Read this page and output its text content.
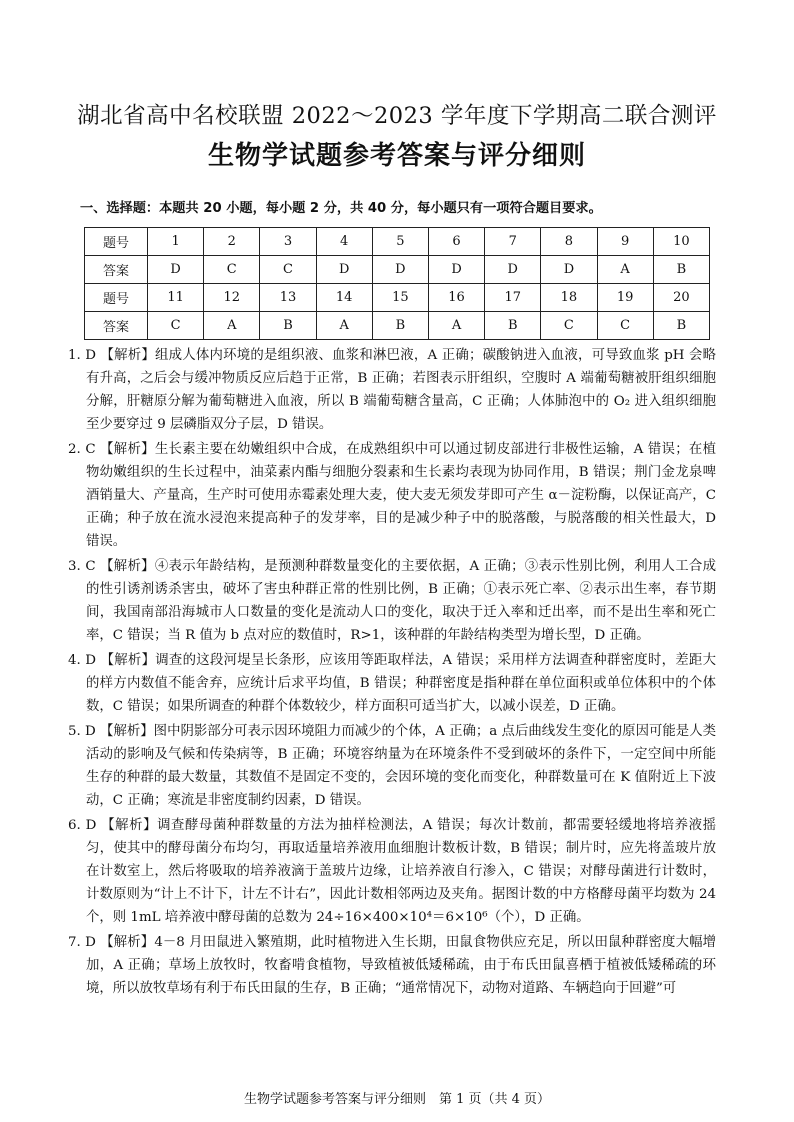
湖北省高中名校联盟 2022～2023 学年度下学期高二联合测评
生物学试题参考答案与评分细则
一、选择题：本题共 20 小题，每小题 2 分，共 40 分，每小题只有一项符合题目要求。
题号	1	2	3	4	5	6	7	8	9	10
答案	D	C	C	D	D	D	D	D	A	B
题号	11	12	13	14	15	16	17	18	19	20
答案	C	A	B	A	B	A	B	C	C	B

1. D 【解析】组成人体内环境的是组织液、血浆和淋巴液，A 正确；碳酸钠进入血液，可导致血浆 pH 会略有升高，之后会与缓冲物质反应后趋于正常，B 正确；若图表示肝组织，空腹时 A 端葡萄糖被肝组织细胞分解，肝糖原分解为葡萄糖进入血液，所以 B 端葡萄糖含量高，C 正确；人体肺泡中的 O₂ 进入组织细胞至少要穿过 9 层磷脂双分子层，D 错误。

2. C 【解析】生长素主要在幼嫩组织中合成，在成熟组织中可以通过韧皮部进行非极性运输，A 错误；在植物幼嫩组织的生长过程中，油菜素内酯与细胞分裂素和生长素均表现为协同作用，B 错误；荆门金龙泉啤酒销量大、产量高，生产时可使用赤霉素处理大麦，使大麦无须发芽即可产生 α－淀粉酶，以保证高产，C 正确；种子放在流水浸泡来提高种子的发芽率，目的是减少种子中的脱落酸，与脱落酸的相关性最大，D 错误。

3. C 【解析】④表示年龄结构，是预测种群数量变化的主要依据，A 正确；③表示性别比例，利用人工合成的性引诱剂诱杀害虫，破坏了害虫种群正常的性别比例，B 正确；①表示死亡率、②表示出生率，春节期间，我国南部沿海城市人口数量的变化是流动人口的变化，取决于迁入率和迁出率，而不是出生率和死亡率，C 错误；当 R 值为 b 点对应的数值时，R>1，该种群的年龄结构类型为增长型，D 正确。

4. D 【解析】调查的这段河堤呈长条形，应该用等距取样法，A 错误；采用样方法调查种群密度时，差距大的样方内数值不能舍弃，应统计后求平均值，B 错误；种群密度是指种群在单位面积或单位体积中的个体数，C 错误；如果所调查的种群个体数较少，样方面积可适当扩大，以减小误差，D 正确。

5. D 【解析】图中阴影部分可表示因环境阻力而减少的个体，A 正确；a 点后曲线发生变化的原因可能是人类活动的影响及气候和传染病等，B 正确；环境容纳量为在环境条件不受到破坏的条件下，一定空间中所能生存的种群的最大数量，其数值不是固定不变的，会因环境的变化而变化，种群数量可在 K 值附近上下波动，C 正确；寒流是非密度制约因素，D 错误。

6. D 【解析】调查酵母菌种群数量的方法为抽样检测法，A 错误；每次计数前，都需要轻缓地将培养液摇匀，使其中的酵母菌分布均匀，再取适量培养液用血细胞计数板计数，B 错误；制片时，应先将盖玻片放在计数室上，然后将吸取的培养液滴于盖玻片边缘，让培养液自行渗入，C 错误；对酵母菌进行计数时，计数原则为“计上不计下，计左不计右”，因此计数相邻两边及夹角。据图计数的中方格酵母菌平均数为 24 个，则 1mL 培养液中酵母菌的总数为 24÷16×400×10⁴＝6×10⁶（个），D 正确。

7. D 【解析】4－8 月田鼠进入繁殖期，此时植物进入生长期，田鼠食物供应充足，所以田鼠种群密度大幅增加，A 正确；草场上放牧时，牧畜啃食植物，导致植被低矮稀疏，由于布氏田鼠喜栖于植被低矮稀疏的环境，所以放牧草场有利于布氏田鼠的生存，B 正确；“通常情况下，动物对道路、车辆趋向于回避”可

生物学试题参考答案与评分细则　第 1 页（共 4 页）
